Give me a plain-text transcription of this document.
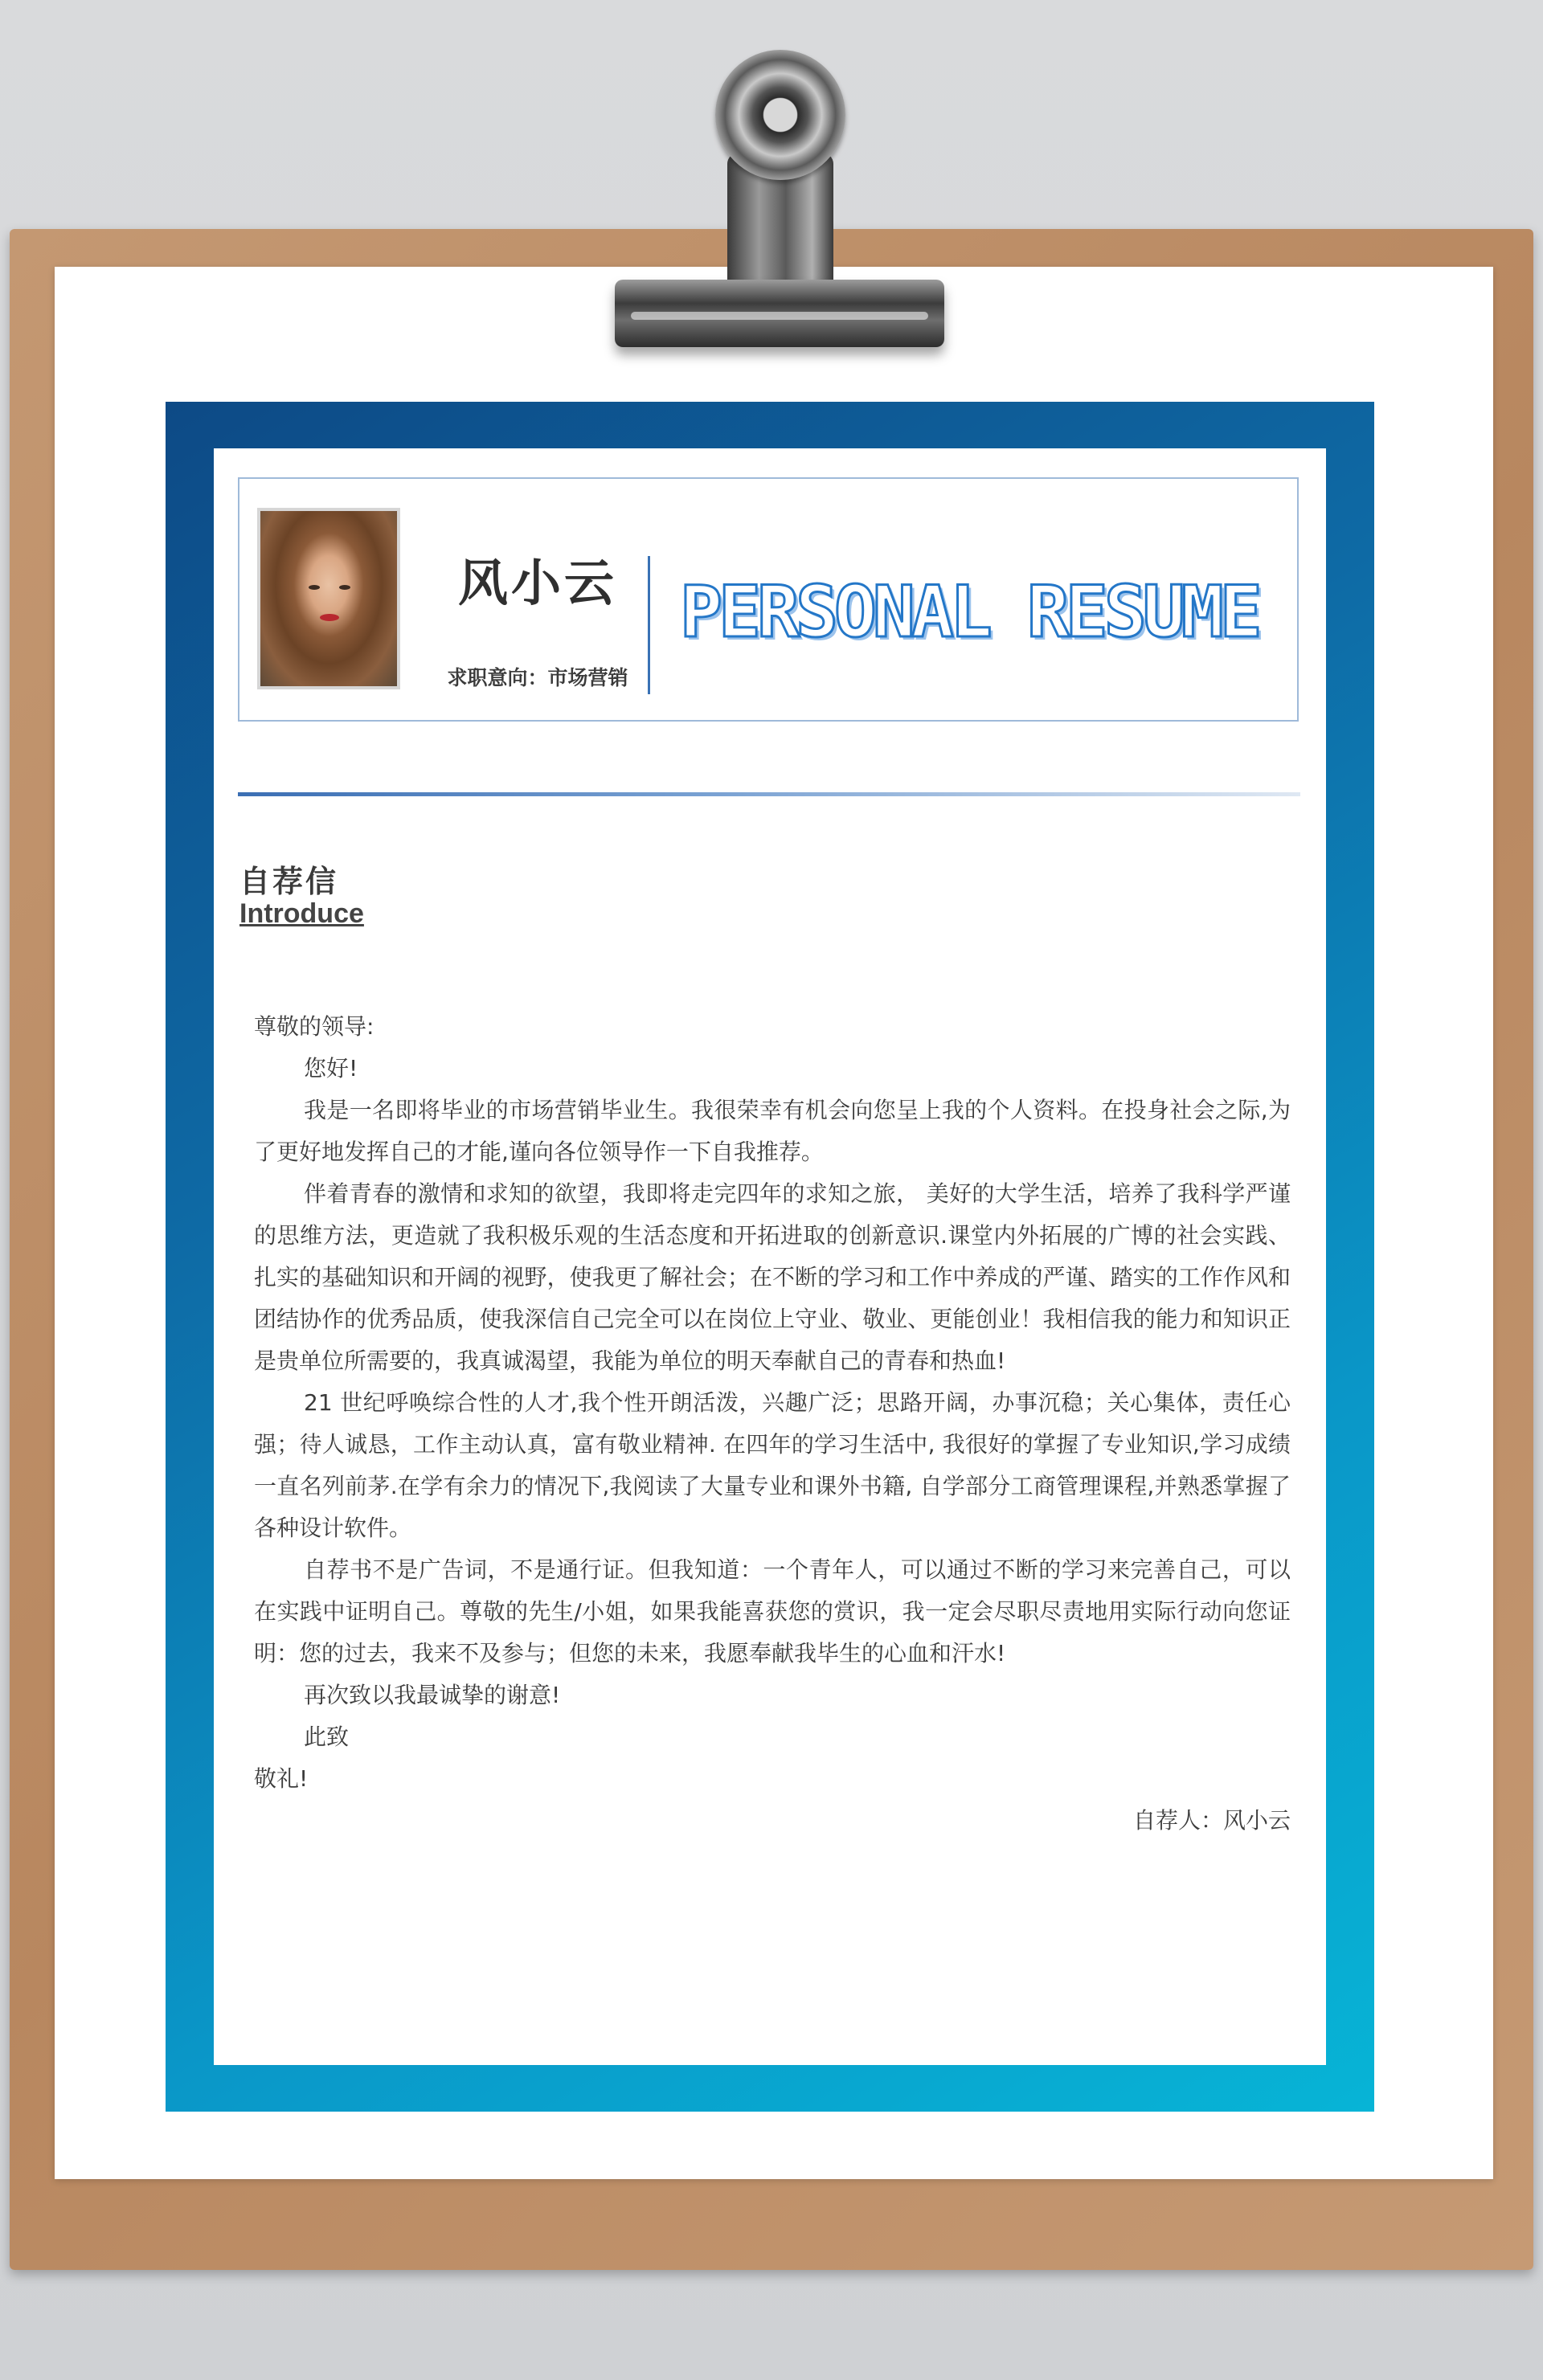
风小云
求职意向：市场营销
PERSONAL RESUME
自荐信
Introduce

尊敬的领导:

您好!

我是一名即将毕业的市场营销毕业生。我很荣幸有机会向您呈上我的个人资料。在投身社会之际,为了更好地发挥自己的才能,谨向各位领导作一下自我推荐。

伴着青春的激情和求知的欲望，我即将走完四年的求知之旅， 美好的大学生活，培养了我科学严谨的思维方法，更造就了我积极乐观的生活态度和开拓进取的创新意识.课堂内外拓展的广博的社会实践、扎实的基础知识和开阔的视野，使我更了解社会；在不断的学习和工作中养成的严谨、踏实的工作作风和团结协作的优秀品质，使我深信自己完全可以在岗位上守业、敬业、更能创业！我相信我的能力和知识正是贵单位所需要的，我真诚渴望，我能为单位的明天奉献自己的青春和热血!

21 世纪呼唤综合性的人才,我个性开朗活泼，兴趣广泛；思路开阔，办事沉稳；关心集体，责任心强；待人诚恳，工作主动认真，富有敬业精神. 在四年的学习生活中, 我很好的掌握了专业知识,学习成绩一直名列前茅.在学有余力的情况下,我阅读了大量专业和课外书籍, 自学部分工商管理课程,并熟悉掌握了各种设计软件。

自荐书不是广告词，不是通行证。但我知道：一个青年人，可以通过不断的学习来完善自己，可以在实践中证明自己。尊敬的先生/小姐，如果我能喜获您的赏识，我一定会尽职尽责地用实际行动向您证明：您的过去，我来不及参与；但您的未来，我愿奉献我毕生的心血和汗水!

再次致以我最诚挚的谢意!

此致

敬礼!

自荐人：风小云
